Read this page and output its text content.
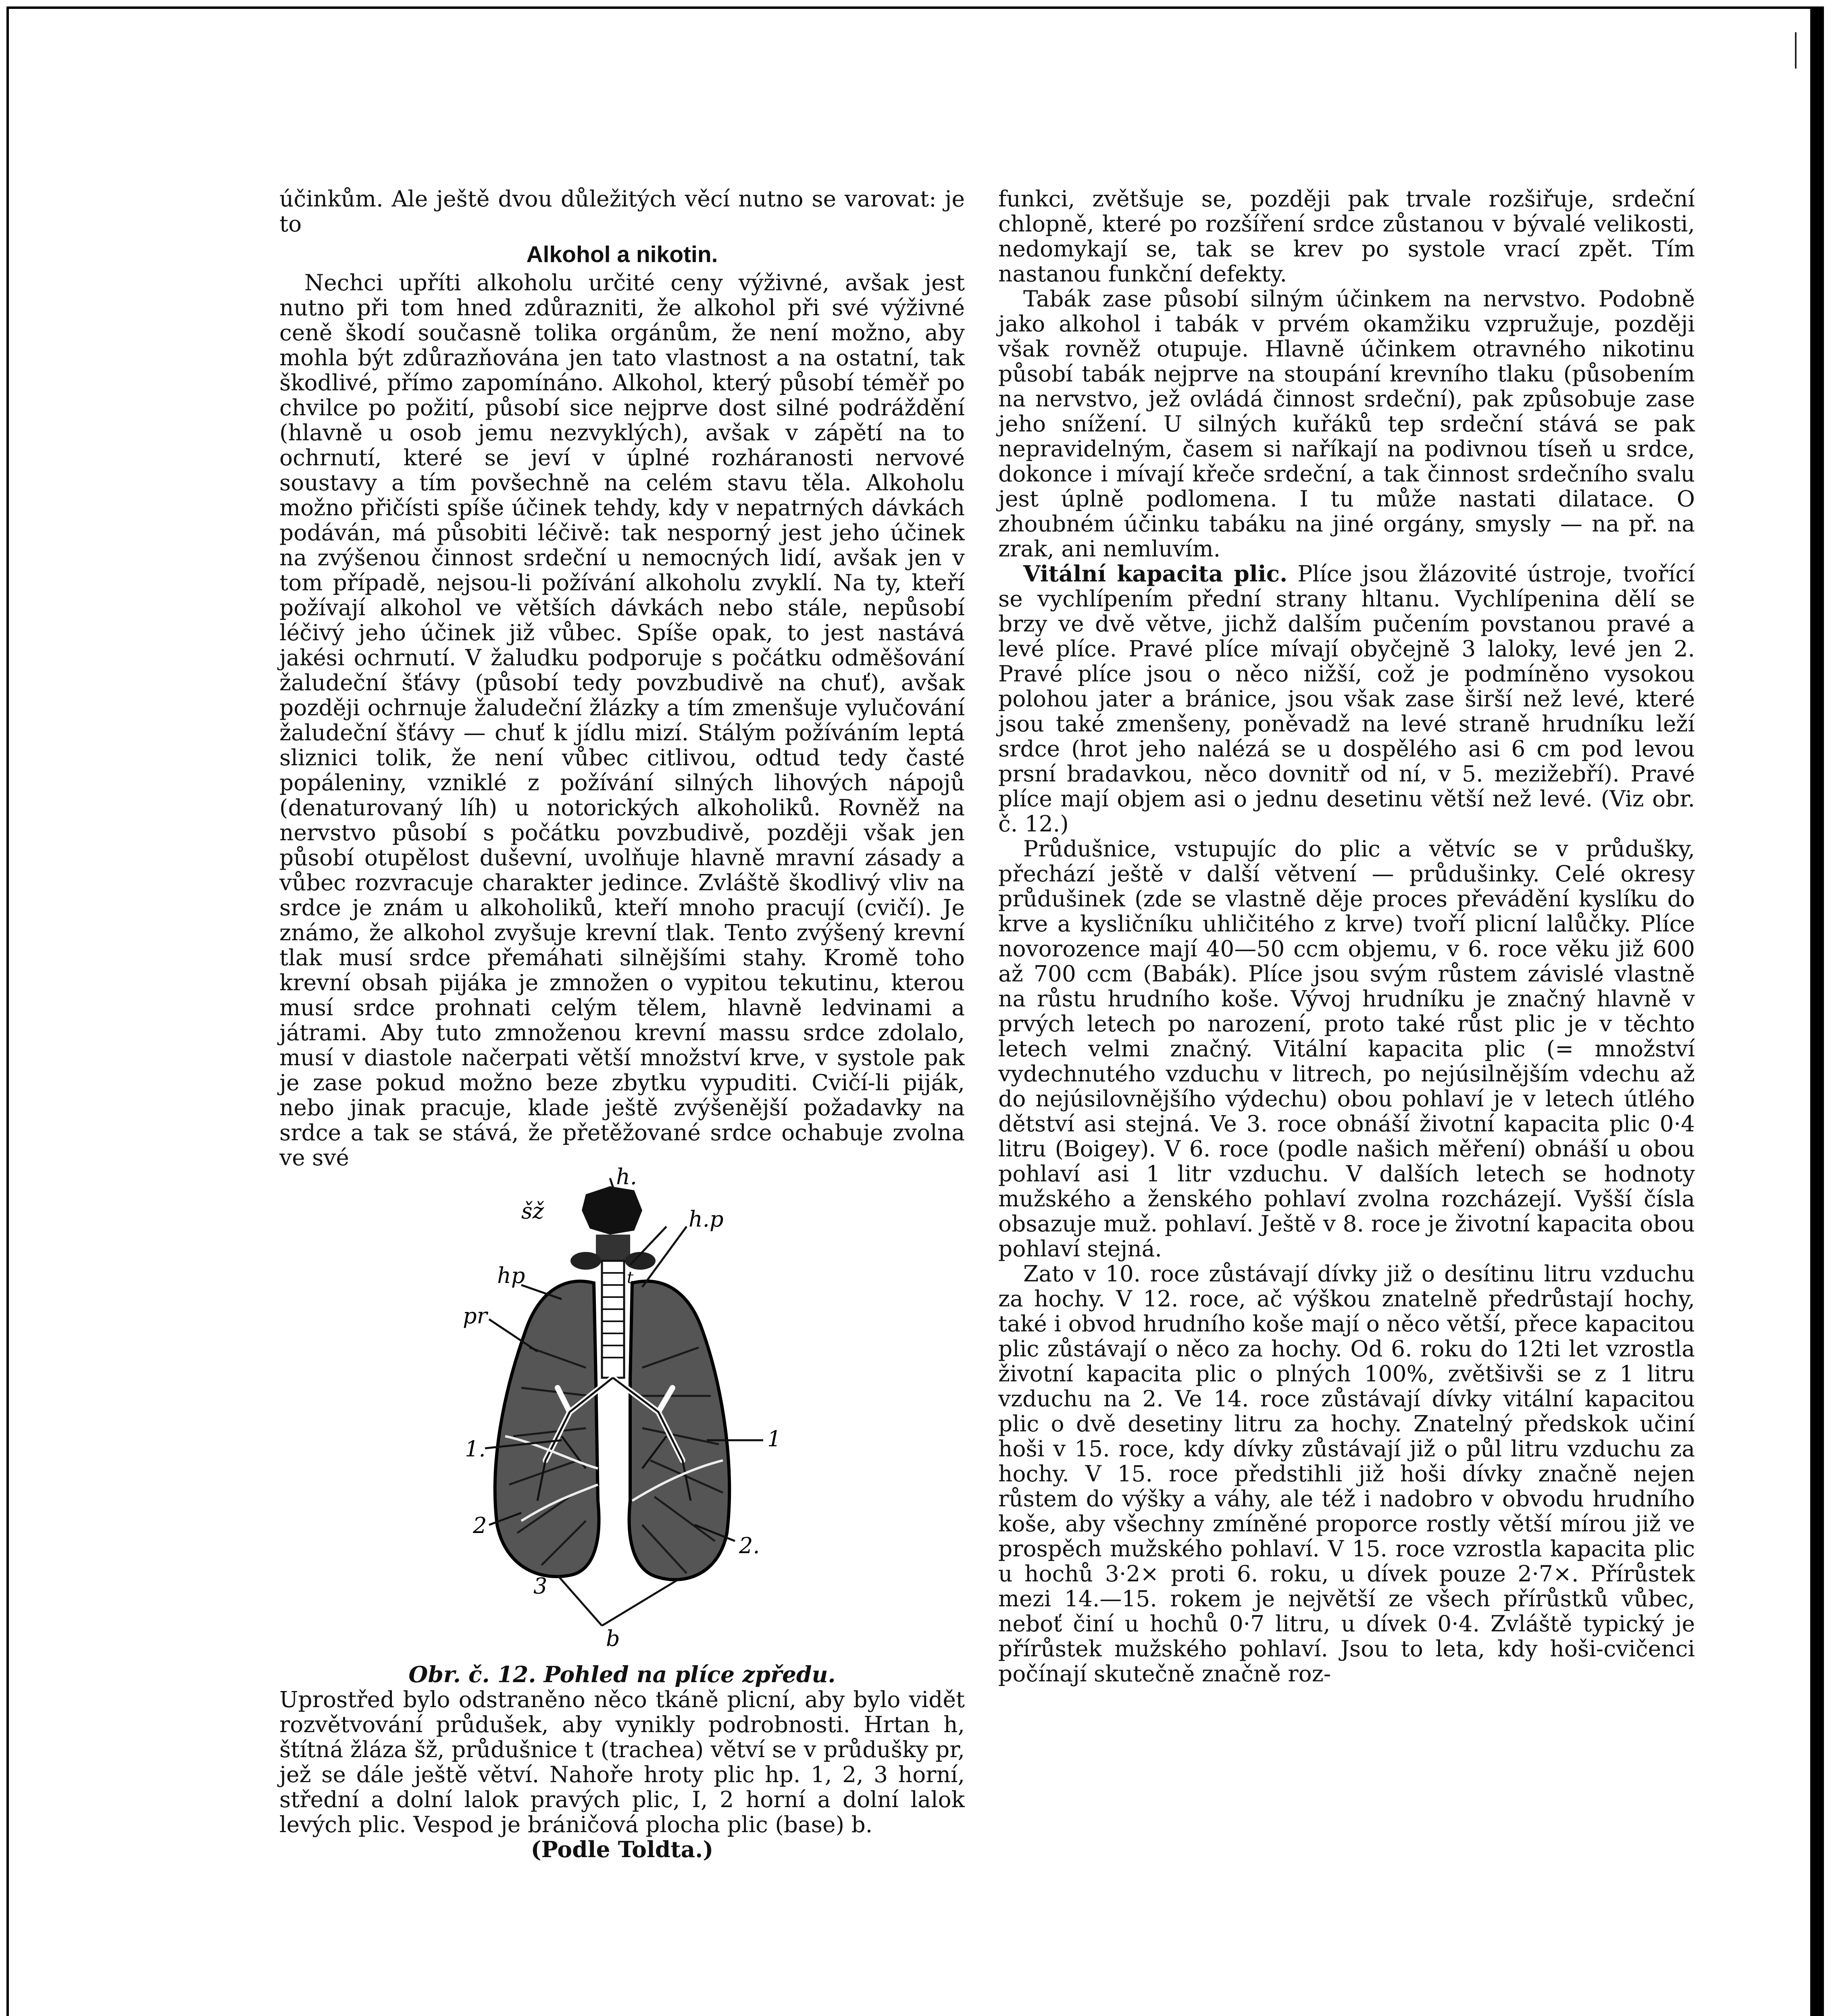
účinkům. Ale ještě dvou důležitých věcí nutno se varovat: je to

Alkohol a nikotin.

Nechci upříti alkoholu určité ceny výživné, avšak jest nutno při tom hned zdůrazniti, že alkohol při své výživné ceně škodí současně tolika orgánům, že není možno, aby mohla být zdůrazňována jen tato vlastnost a na ostatní, tak škodlivé, přímo zapomínáno. Alkohol, který působí téměř po chvilce po požití, působí sice nejprve dost silné podráždění (hlavně u osob jemu nezvyklých), avšak v zápětí na to ochrnutí, které se jeví v úplné rozháranosti nervové soustavy a tím povšechně na celém stavu těla. Alkoholu možno přičísti spíše účinek tehdy, kdy v nepatrných dávkách podáván, má působiti léčivě: tak nesporný jest jeho účinek na zvýšenou činnost srdeční u nemocných lidí, avšak jen v tom případě, nejsou-li požívání alkoholu zvyklí. Na ty, kteří požívají alkohol ve větších dávkách nebo stále, nepůsobí léčivý jeho účinek již vůbec. Spíše opak, to jest nastává jakési ochrnutí. V žaludku podporuje s počátku odměšování žaludeční šťávy (působí tedy povzbudivě na chuť), avšak později ochrnuje žaludeční žlázky a tím zmenšuje vylučování žaludeční šťávy — chuť k jídlu mizí. Stálým požíváním leptá sliznici tolik, že není vůbec citlivou, odtud tedy časté popáleniny, vzniklé z požívání silných lihových nápojů (denaturovaný líh) u notorických alkoholiků. Rovněž na nervstvo působí s počátku povzbudivě, později však jen působí otupělost duševní, uvolňuje hlavně mravní zásady a vůbec rozvracuje charakter jedince. Zvláště škodlivý vliv na srdce je znám u alkoholiků, kteří mnoho pracují (cvičí). Je známo, že alkohol zvyšuje krevní tlak. Tento zvýšený krevní tlak musí srdce přemáhati silnějšími stahy. Kromě toho krevní obsah pijáka je zmnožen o vypitou tekutinu, kterou musí srdce prohnati celým tělem, hlavně ledvinami a játrami. Aby tuto zmnoženou krevní massu srdce zdolalo, musí v diastole načerpati větší množství krve, v systole pak je zase pokud možno beze zbytku vypuditi. Cvičí-li piják, nebo jinak pracuje, klade ještě zvýšenější požadavky na srdce a tak se stává, že přetěžované srdce ochabuje zvolna ve své

h.
šž	h.p
hp
pr
1.	1
2
2.
3
b
t

Obr. č. 12. Pohled na plíce zpředu.

Uprostřed bylo odstraněno něco tkáně plicní, aby bylo vidět rozvětvování průdušek, aby vynikly podrobnosti. Hrtan h, štítná žláza šž, průdušnice t (trachea) větví se v průdušky pr, jež se dále ještě větví. Nahoře hroty plic hp. 1, 2, 3 horní, střední a dolní lalok pravých plic, I, 2 horní a dolní lalok levých plic. Vespod je bráničová plocha plic (base) b.

(Podle Toldta.)

funkci, zvětšuje se, později pak trvale rozšiřuje, srdeční chlopně, které po rozšíření srdce zůstanou v bývalé velikosti, nedomykají se, tak se krev po systole vrací zpět. Tím nastanou funkční defekty.

Tabák zase působí silným účinkem na nervstvo. Podobně jako alkohol i tabák v prvém okamžiku vzpružuje, později však rovněž otupuje. Hlavně účinkem otravného nikotinu působí tabák nejprve na stoupání krevního tlaku (působením na nervstvo, jež ovládá činnost srdeční), pak způsobuje zase jeho snížení. U silných kuřáků tep srdeční stává se pak nepravidelným, časem si naříkají na podivnou tíseň u srdce, dokonce i mívají křeče srdeční, a tak činnost srdečního svalu jest úplně podlomena. I tu může nastati dilatace. O zhoubném účinku tabáku na jiné orgány, smysly — na př. na zrak, ani nemluvím.

Vitální kapacita plic. Plíce jsou žlázovité ústroje, tvořící se vychlípením přední strany hltanu. Vychlípenina dělí se brzy ve dvě větve, jichž dalším pučením povstanou pravé a levé plíce. Pravé plíce mívají obyčejně 3 laloky, levé jen 2. Pravé plíce jsou o něco nižší, což je podmíněno vysokou polohou jater a bránice, jsou však zase širší než levé, které jsou také zmenšeny, poněvadž na levé straně hrudníku leží srdce (hrot jeho nalézá se u dospělého asi 6 cm pod levou prsní bradavkou, něco dovnitř od ní, v 5. mezižebří). Pravé plíce mají objem asi o jednu desetinu větší než levé. (Viz obr. č. 12.)

Průdušnice, vstupujíc do plic a větvíc se v průdušky, přechází ještě v další větvení — průdušinky. Celé okresy průdušinek (zde se vlastně děje proces převádění kyslíku do krve a kysličníku uhličitého z krve) tvoří plicní lalůčky. Plíce novorozence mají 40—50 ccm objemu, v 6. roce věku již 600 až 700 ccm (Babák). Plíce jsou svým růstem závislé vlastně na růstu hrudního koše. Vývoj hrudníku je značný hlavně v prvých letech po narození, proto také růst plic je v těchto letech velmi značný. Vitální kapacita plic (= množství vydechnutého vzduchu v litrech, po nejúsilnějším vdechu až do nejúsilovnějšího výdechu) obou pohlaví je v letech útlého dětství asi stejná. Ve 3. roce obnáší životní kapacita plic 0·4 litru (Boigey). V 6. roce (podle našich měření) obnáší u obou pohlaví asi 1 litr vzduchu. V dalších letech se hodnoty mužského a ženského pohlaví zvolna rozcházejí. Vyšší čísla obsazuje muž. pohlaví. Ještě v 8. roce je životní kapacita obou pohlaví stejná.

Zato v 10. roce zůstávají dívky již o desítinu litru vzduchu za hochy. V 12. roce, ač výškou znatelně předrůstají hochy, také i obvod hrudního koše mají o něco větší, přece kapacitou plic zůstávají o něco za hochy. Od 6. roku do 12ti let vzrostla životní kapacita plic o plných 100%, zvětšivši se z 1 litru vzduchu na 2. Ve 14. roce zůstávají dívky vitální kapacitou plic o dvě desetiny litru za hochy. Znatelný předskok učiní hoši v 15. roce, kdy dívky zůstávají již o půl litru vzduchu za hochy. V 15. roce předstihli již hoši dívky značně nejen růstem do výšky a váhy, ale též i nadobro v obvodu hrudního koše, aby všechny zmíněné proporce rostly větší mírou již ve prospěch mužského pohlaví. V 15. roce vzrostla kapacita plic u hochů 3·2× proti 6. roku, u dívek pouze 2·7×. Přírůstek mezi 14.—15. rokem je největší ze všech přírůstků vůbec, neboť činí u hochů 0·7 litru, u dívek 0·4. Zvláště typický je přírůstek mužského pohlaví. Jsou to leta, kdy hoši-cvičenci počínají skutečně značně roz-
